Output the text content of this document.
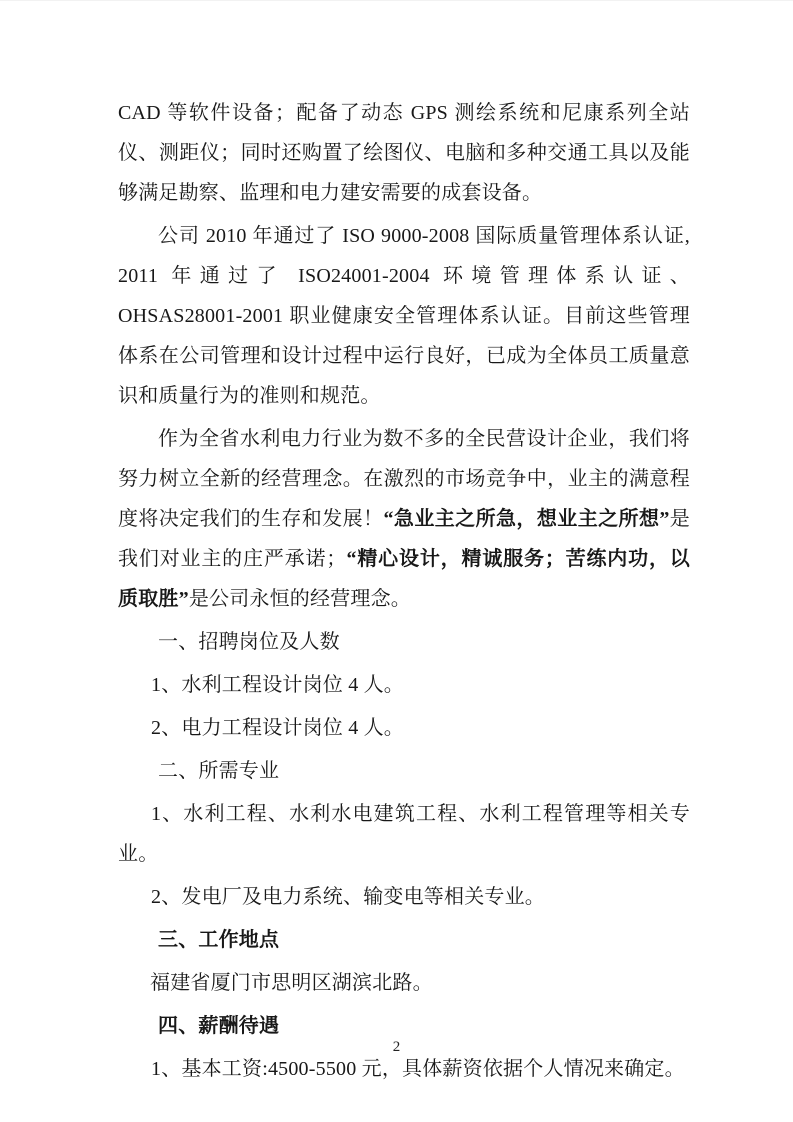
CAD 等软件设备；配备了动态 GPS 测绘系统和尼康系列全站仪、测距仪；同时还购置了绘图仪、电脑和多种交通工具以及能够满足勘察、监理和电力建安需要的成套设备。

公司 2010 年通过了 ISO 9000-2008 国际质量管理体系认证, 2011 年通过了 ISO24001-2004 环境管理体系认证、OHSAS28001-2001 职业健康安全管理体系认证。目前这些管理体系在公司管理和设计过程中运行良好，已成为全体员工质量意识和质量行为的准则和规范。

作为全省水利电力行业为数不多的全民营设计企业，我们将努力树立全新的经营理念。在激烈的市场竞争中，业主的满意程度将决定我们的生存和发展！“急业主之所急，想业主之所想”是我们对业主的庄严承诺；“精心设计，精诚服务；苦练内功，以质取胜”是公司永恒的经营理念。

一、招聘岗位及人数

1、水利工程设计岗位 4 人。

2、电力工程设计岗位 4 人。

二、所需专业

1、水利工程、水利水电建筑工程、水利工程管理等相关专业。

2、发电厂及电力系统、输变电等相关专业。

三、工作地点

福建省厦门市思明区湖滨北路。

四、薪酬待遇

1、基本工资:4500-5500 元，具体薪资依据个人情况来确定。

2
